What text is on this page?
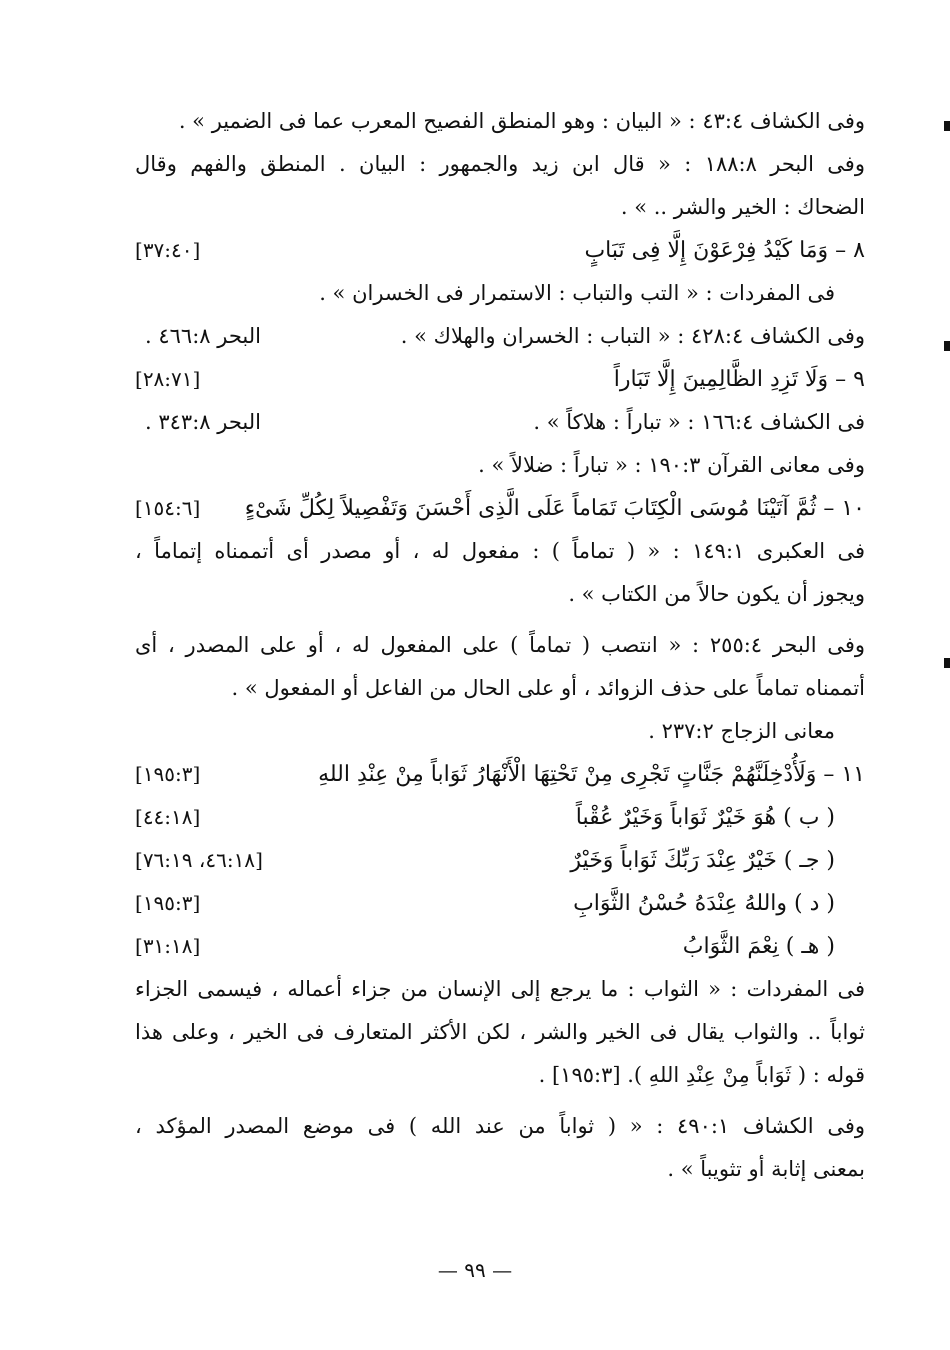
وفى الكشاف ٤٣:٤ : « البيان : وهو المنطق الفصيح المعرب عما فى الضمير » .
وفى البحر ١٨٨:٨ : « قال ابن زيد والجمهور : البيان . المنطق والفهم وقال
الضحاك : الخير والشر .. » .
٨ – وَمَا كَيْدُ فِرْعَوْنَ إِلَّا فِى تَبَابٍ
[٣٧:٤٠]
فى المفردات : « التب والتباب : الاستمرار فى الخسران » .
وفى الكشاف ٤٢٨:٤ : « التباب : الخسران والهلاك » .
البحر ٤٦٦:٨ .
٩ – وَلَا تَزِدِ الظَّالِمِينَ إِلَّا تَبَاراً
[٢٨:٧١]
فى الكشاف ١٦٦:٤ : « تباراً : هلاكاً » .
البحر ٣٤٣:٨ .
وفى معانى القرآن ١٩٠:٣ : « تباراً : ضلالاً » .
١٠ – ثُمَّ آتَيْنَا مُوسَى الْكِتَابَ تَمَاماً عَلَى الَّذِى أَحْسَنَ وَتَفْصِيلاً لِكُلِّ شَىْءٍ
[١٥٤:٦]
فى العكبرى ١٤٩:١ : « ( تماماً ) : مفعول له ، أو مصدر أى أتممناه إتماماً ،
ويجوز أن يكون حالاً من الكتاب » .
وفى البحر ٢٥٥:٤ : « انتصب ( تماماً ) على المفعول له ، أو على المصدر ، أى
أتممناه تماماً على حذف الزوائد ، أو على الحال من الفاعل أو المفعول » .
معانى الزجاج ٢٣٧:٢ .
١١ – وَلَأُدْخِلَنَّهُمْ جَنَّاتٍ تَجْرِى مِنْ تَحْتِهَا الْأَنْهَارُ ثَوَاباً مِنْ عِنْدِ اللهِ
[١٩٥:٣]
( ب ) هُوَ خَيْرٌ ثَوَاباً وَخَيْرٌ عُقْباً
[٤٤:١٨]
( جـ ) خَيْرٌ عِنْدَ رَبِّكَ ثَوَاباً وَخَيْرٌ
[٤٦:١٨، ٧٦:١٩]
( د ) واللهُ عِنْدَهُ حُسْنُ الثَّوَابِ
[١٩٥:٣]
( هـ ) نِعْمَ الثَّوَابُ
[٣١:١٨]
فى المفردات : « الثواب : ما يرجع إلى الإنسان من جزاء أعماله ، فيسمى الجزاء
ثواباً .. والثواب يقال فى الخير والشر ، لكن الأكثر المتعارف فى الخير ، وعلى هذا
قوله : ( ثَوَاباً مِنْ عِنْدِ اللهِ ). [١٩٥:٣] .
وفى الكشاف ٤٩٠:١ : « ( ثواباً من عند الله ) فى موضع المصدر المؤكد ،
بمعنى إثابة أو تثويباً » .
— ٩٩ —
